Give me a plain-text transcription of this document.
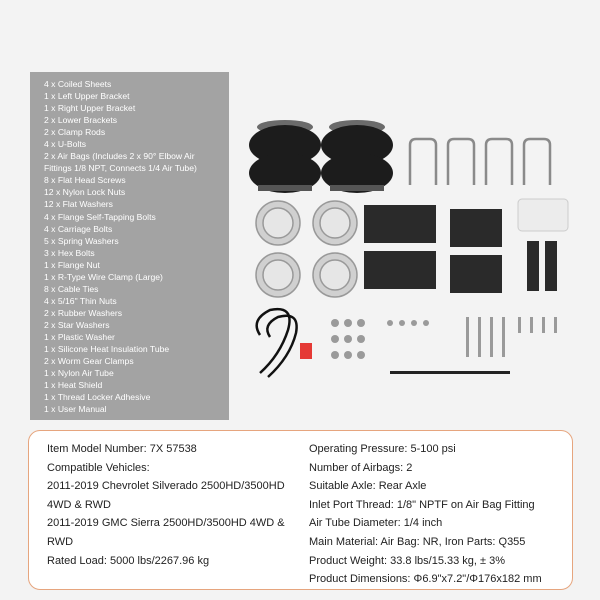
4 x Coiled Sheets
1 x Left Upper Bracket
1 x Right Upper Bracket
2 x Lower Brackets
2 x Clamp Rods
4 x U-Bolts
2 x Air Bags (Includes 2 x 90° Elbow Air
Fittings 1/8 NPT, Connects 1/4 Air Tube)
8 x Flat Head Screws
12 x Nylon Lock Nuts
12 x Flat Washers
4 x Flange Self-Tapping Bolts
4 x Carriage Bolts
5 x Spring Washers
3 x Hex Bolts
1 x Flange Nut
1 x R-Type Wire Clamp (Large)
8 x Cable Ties
4 x 5/16" Thin Nuts
2 x Rubber Washers
2 x Star Washers
1 x Plastic Washer
1 x Silicone Heat Insulation Tube
2 x Worm Gear Clamps
1 x Nylon Air Tube
1 x Heat Shield
1 x Thread Locker Adhesive
1 x User Manual
Item Model Number: 7X 57538
Compatible Vehicles:
2011-2019 Chevrolet Silverado 2500HD/3500HD
4WD & RWD
2011-2019 GMC Sierra 2500HD/3500HD 4WD &
RWD
Rated Load: 5000 lbs/2267.96 kg
Operating Pressure: 5-100 psi
Number of Airbags: 2
Suitable Axle: Rear Axle
Inlet Port Thread: 1/8" NPTF on Air Bag Fitting
Air Tube Diameter: 1/4 inch
Main Material: Air Bag: NR, Iron Parts: Q355
Product Weight: 33.8 lbs/15.33 kg, ± 3%
Product Dimensions: Φ6.9"x7.2"/Φ176x182 mm
